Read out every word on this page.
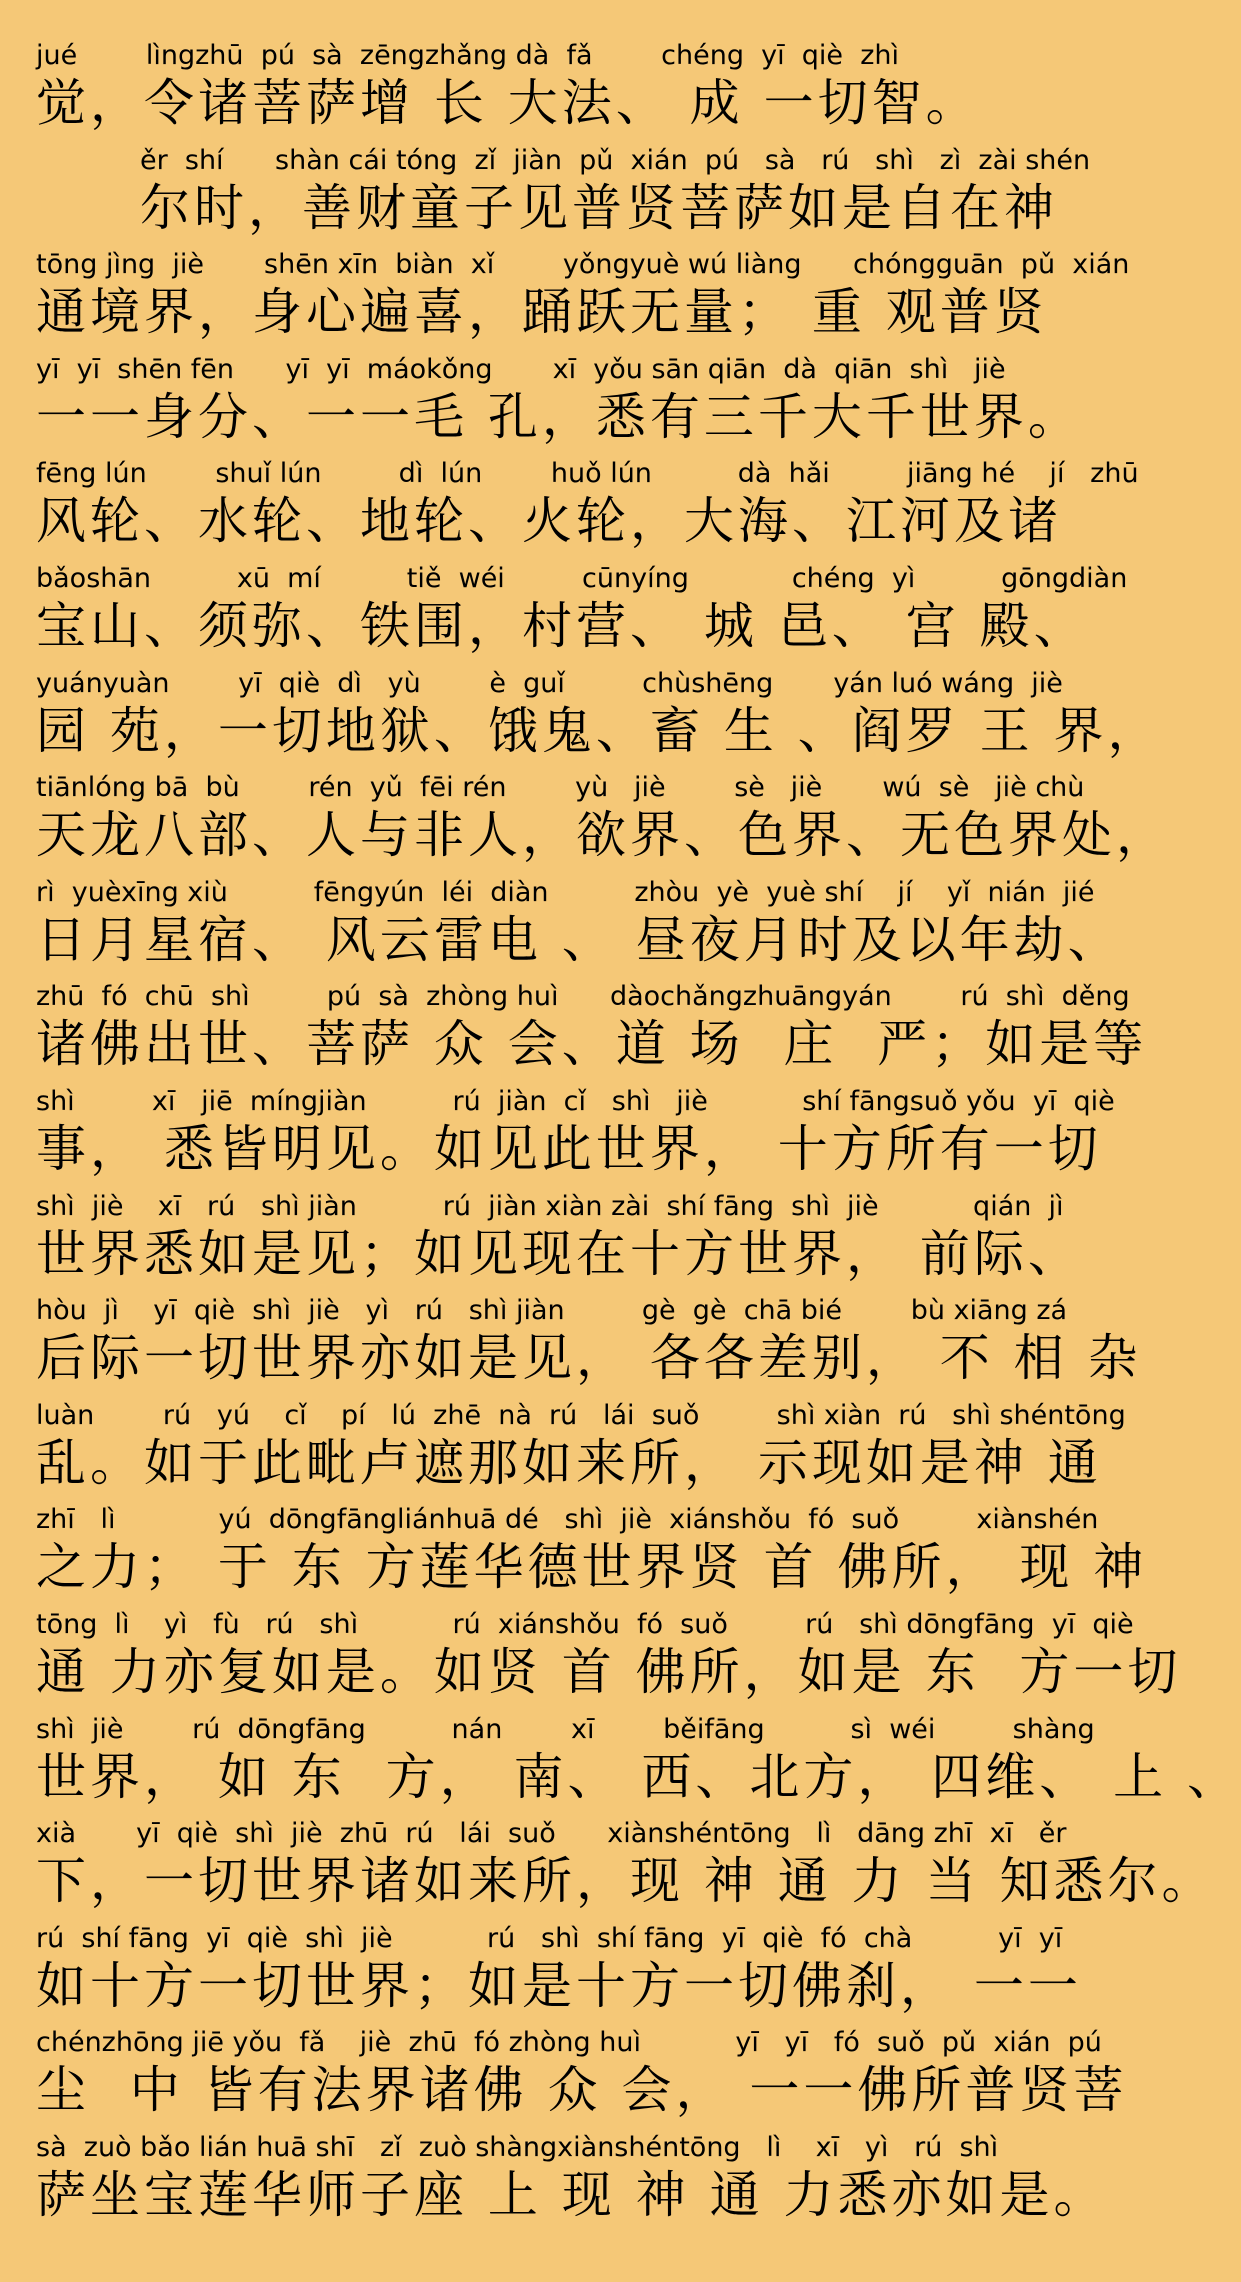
jué        lìngzhū  pú  sà  zēngzhǎng dà  fǎ        chéng  yī  qiè  zhì
觉，令诸菩萨增 长 大法、 成 一切智。
ěr  shí      shàn cái tóng  zǐ  jiàn  pǔ  xián  pú   sà   rú   shì   zì  zài shén
尔时，善财童子见普贤菩萨如是自在神
tōng jìng  jiè       shēn xīn  biàn  xǐ        yǒngyuè wú liàng      chóngguān  pǔ  xián
通境界，身心遍喜，踊跃无量； 重 观普贤
yī  yī  shēn fēn      yī  yī  máokǒng       xī  yǒu sān qiān  dà  qiān  shì   jiè
一一身分、一一毛 孔，悉有三千大千世界。
fēng lún        shuǐ lún         dì  lún        huǒ lún          dà  hǎi         jiāng hé    jí   zhū
风轮、水轮、地轮、火轮，大海、江河及诸
bǎoshān          xū  mí          tiě  wéi         cūnyíng            chéng  yì          gōngdiàn
宝山、须弥、铁围，村营、 城 邑、 宫 殿、
yuányuàn        yī  qiè  dì   yù        è  guǐ         chùshēng       yán luó wáng  jiè
园 苑，一切地狱、饿鬼、畜 生 、阎罗 王 界，
tiānlóng bā  bù        rén  yǔ  fēi rén        yù   jiè        sè   jiè       wú  sè   jiè chù
天龙八部、人与非人，欲界、色界、无色界处，
rì  yuèxīng xiù          fēngyún  léi  diàn          zhòu  yè  yuè shí    jí    yǐ  nián  jié
日月星宿、 风云雷电 、 昼夜月时及以年劫、
zhū  fó  chū  shì         pú  sà  zhòng huì      dàochǎngzhuāngyán        rú  shì  děng
诸佛出世、菩萨 众 会、道 场  庄  严；如是等
shì         xī   jiē  míngjiàn          rú  jiàn  cǐ   shì   jiè           shí fāngsuǒ yǒu  yī  qiè
事， 悉皆明见。如见此世界， 十方所有一切
shì  jiè    xī   rú   shì jiàn          rú  jiàn xiàn zài  shí fāng  shì  jiè           qián  jì
世界悉如是见；如见现在十方世界， 前际、
hòu  jì    yī  qiè  shì  jiè   yì   rú   shì jiàn         gè  gè  chā bié        bù xiāng zá
后际一切世界亦如是见， 各各差别， 不 相 杂
luàn        rú   yú    cǐ    pí   lú  zhē  nà  rú   lái  suǒ         shì xiàn  rú   shì shéntōng
乱。如于此毗卢遮那如来所， 示现如是神 通
zhī   lì            yú  dōngfāngliánhuā dé   shì  jiè  xiánshǒu  fó  suǒ         xiànshén
之力； 于 东 方莲华德世界贤 首 佛所， 现 神
tōng  lì    yì   fù   rú   shì           rú  xiánshǒu  fó  suǒ         rú   shì dōngfāng  yī  qiè
通 力亦复如是。如贤 首 佛所，如是 东  方一切
shì  jiè        rú  dōngfāng          nán        xī        běifāng          sì  wéi         shàng
世界， 如 东  方， 南、 西、北方， 四维、 上 、
xià       yī  qiè  shì  jiè  zhū  rú   lái  suǒ      xiànshéntōng   lì   dāng zhī  xī   ěr
下，一切世界诸如来所，现 神 通 力 当 知悉尔。
rú  shí fāng  yī  qiè  shì  jiè           rú   shì  shí fāng  yī  qiè  fó  chà          yī  yī
如十方一切世界；如是十方一切佛刹， 一一
chénzhōng jiē yǒu  fǎ    jiè  zhū  fó zhòng huì           yī   yī   fó  suǒ  pǔ  xián  pú
尘  中 皆有法界诸佛 众 会， 一一佛所普贤菩
sà  zuò bǎo lián huā shī   zǐ  zuò shàngxiànshéntōng   lì    xī   yì   rú  shì
萨坐宝莲华师子座 上 现 神 通 力悉亦如是。
